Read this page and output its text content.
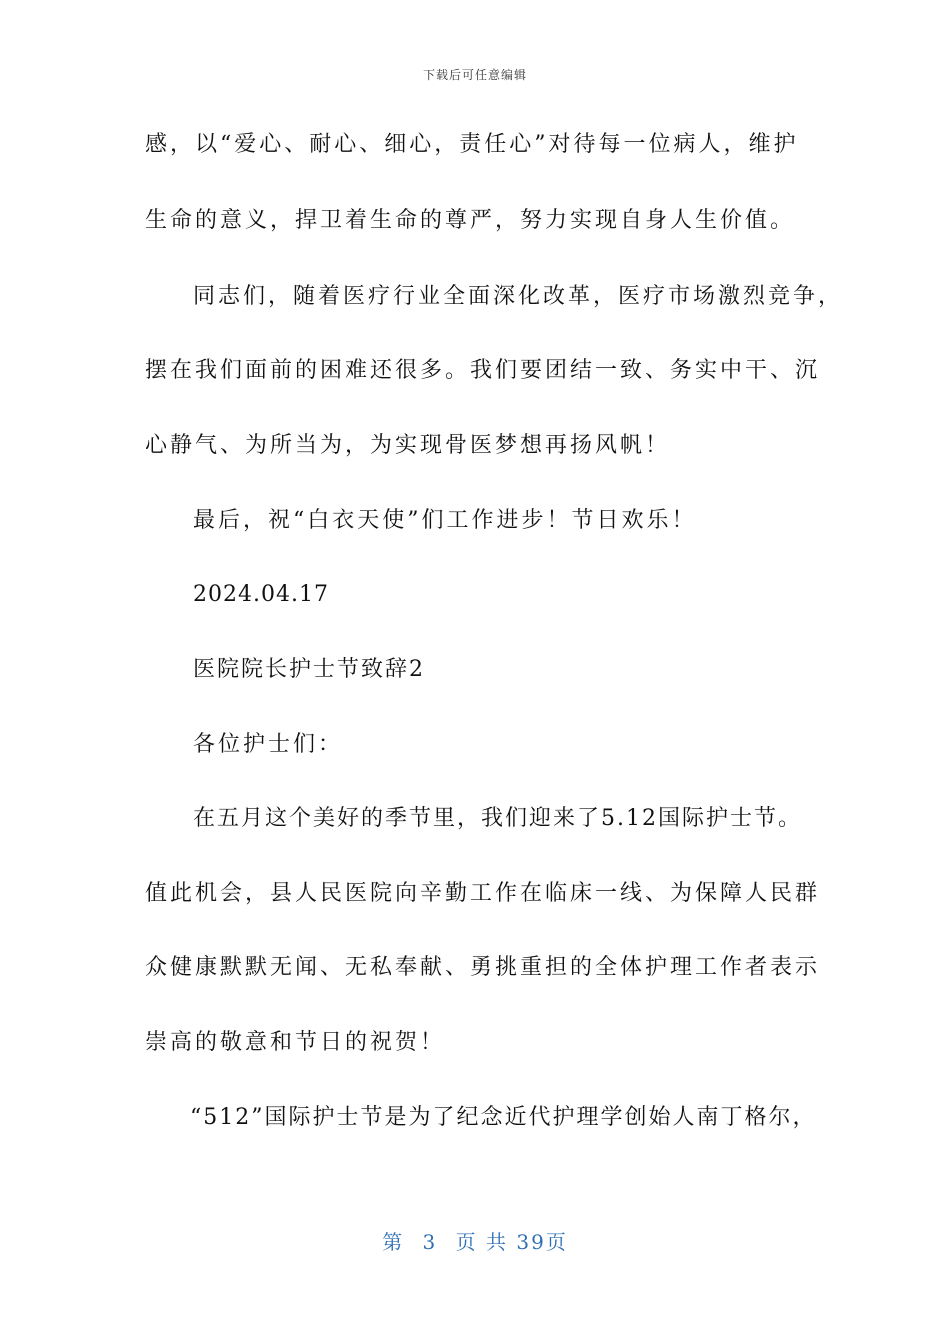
下载后可任意编辑
感，以“爱心、耐心、细心，责任心”对待每一位病人，维护
生命的意义，捍卫着生命的尊严，努力实现自身人生价值。
同志们，随着医疗行业全面深化改革，医疗市场激烈竞争，
摆在我们面前的困难还很多。我们要团结一致、务实中干、沉
心静气、为所当为，为实现骨医梦想再扬风帆！
最后，祝“白衣天使”们工作进步！节日欢乐！
2024.04.17
医院院长护士节致辞2
各位护士们：
在五月这个美好的季节里，我们迎来了5.12国际护士节。
值此机会，县人民医院向辛勤工作在临床一线、为保障人民群
众健康默默无闻、无私奉献、勇挑重担的全体护理工作者表示
崇高的敬意和节日的祝贺！
“512”国际护士节是为了纪念近代护理学创始人南丁格尔，
第 3 页 共 39页
